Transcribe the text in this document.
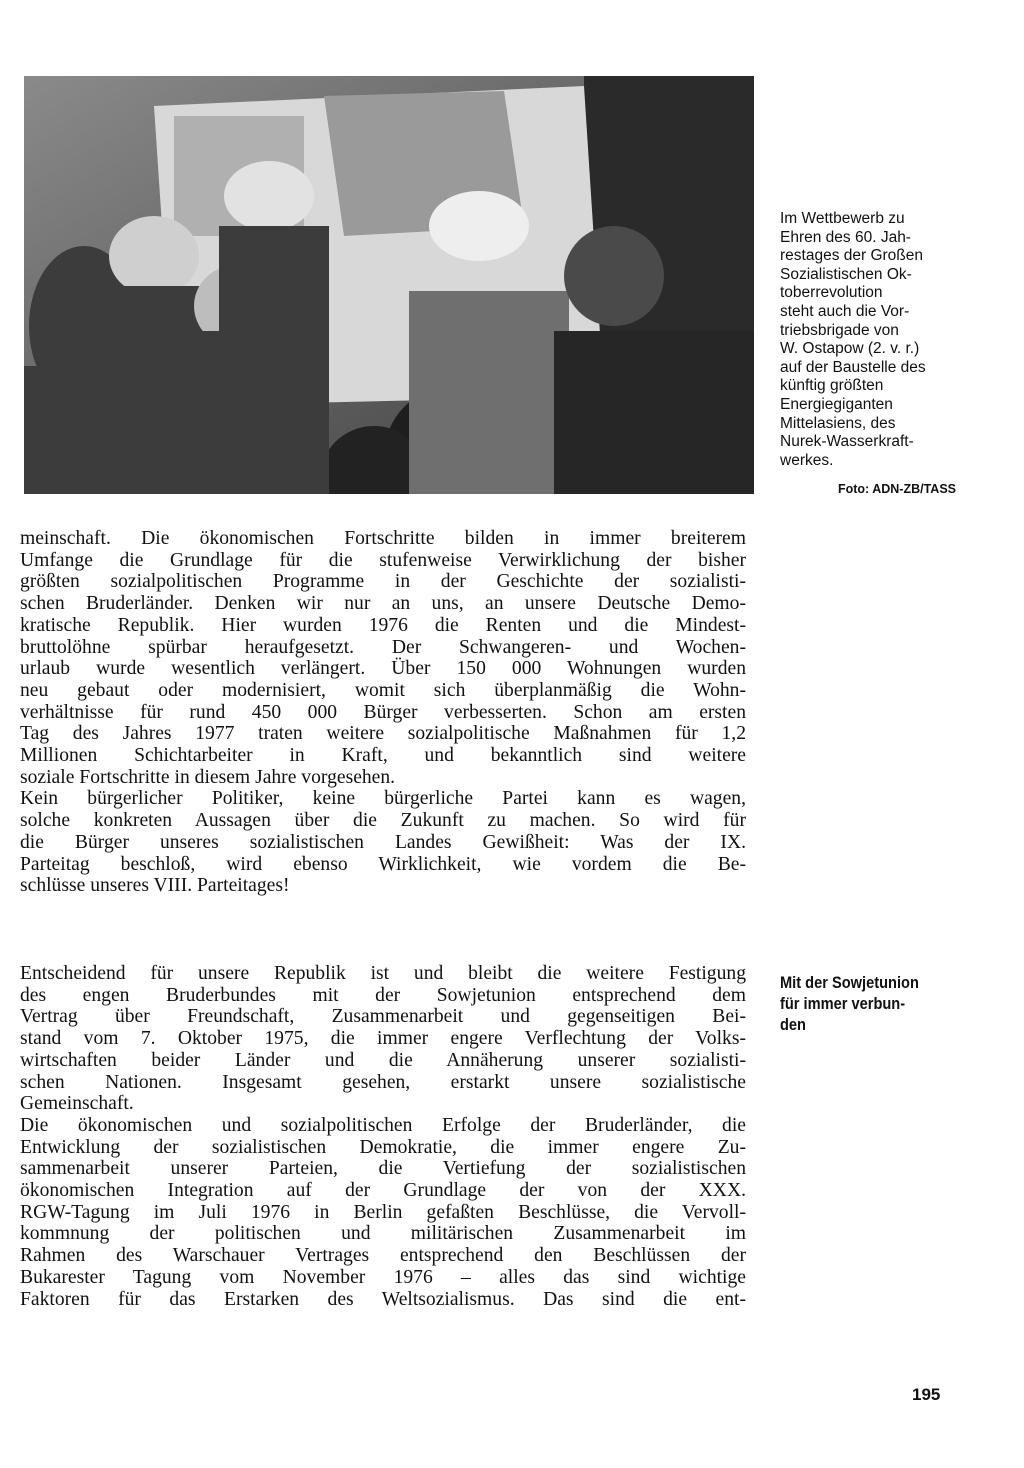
Im Wettbewerb zu
Ehren des 60. Jah-
restages der Großen
Sozialistischen Ok-
toberrevolution
steht auch die Vor-
triebsbrigade von
W. Ostapow (2. v. r.)
auf der Baustelle des
künftig größten
Energiegiganten
Mittelasiens, des
Nurek-Wasserkraft-
werkes.
Foto: ADN-ZB/TASS
meinschaft. Die ökonomischen Fortschritte bilden in immer breiterem
Umfange die Grundlage für die stufenweise Verwirklichung der bisher
größten sozialpolitischen Programme in der Geschichte der sozialisti-
schen Bruderländer. Denken wir nur an uns, an unsere Deutsche Demo-
kratische Republik. Hier wurden 1976 die Renten und die Mindest-
bruttolöhne spürbar heraufgesetzt. Der Schwangeren- und Wochen-
urlaub wurde wesentlich verlängert. Über 150 000 Wohnungen wurden
neu gebaut oder modernisiert, womit sich überplanmäßig die Wohn-
verhältnisse für rund 450 000 Bürger verbesserten. Schon am ersten
Tag des Jahres 1977 traten weitere sozialpolitische Maßnahmen für 1,2
Millionen Schichtarbeiter in Kraft, und bekanntlich sind weitere
soziale Fortschritte in diesem Jahre vorgesehen.
Kein bürgerlicher Politiker, keine bürgerliche Partei kann es wagen,
solche konkreten Aussagen über die Zukunft zu machen. So wird für
die Bürger unseres sozialistischen Landes Gewißheit: Was der IX.
Parteitag beschloß, wird ebenso Wirklichkeit, wie vordem die Be-
schlüsse unseres VIII. Parteitages!
Mit der Sowjetunion
für immer verbun-
den
Entscheidend für unsere Republik ist und bleibt die weitere Festigung
des engen Bruderbundes mit der Sowjetunion entsprechend dem
Vertrag über Freundschaft, Zusammenarbeit und gegenseitigen Bei-
stand vom 7. Oktober 1975, die immer engere Verflechtung der Volks-
wirtschaften beider Länder und die Annäherung unserer sozialisti-
schen Nationen. Insgesamt gesehen, erstarkt unsere sozialistische
Gemeinschaft.
Die ökonomischen und sozialpolitischen Erfolge der Bruderländer, die
Entwicklung der sozialistischen Demokratie, die immer engere Zu-
sammenarbeit unserer Parteien, die Vertiefung der sozialistischen
ökonomischen Integration auf der Grundlage der von der XXX.
RGW-Tagung im Juli 1976 in Berlin gefaßten Beschlüsse, die Vervoll-
kommnung der politischen und militärischen Zusammenarbeit im
Rahmen des Warschauer Vertrages entsprechend den Beschlüssen der
Bukarester Tagung vom November 1976 – alles das sind wichtige
Faktoren für das Erstarken des Weltsozialismus. Das sind die ent-
195
